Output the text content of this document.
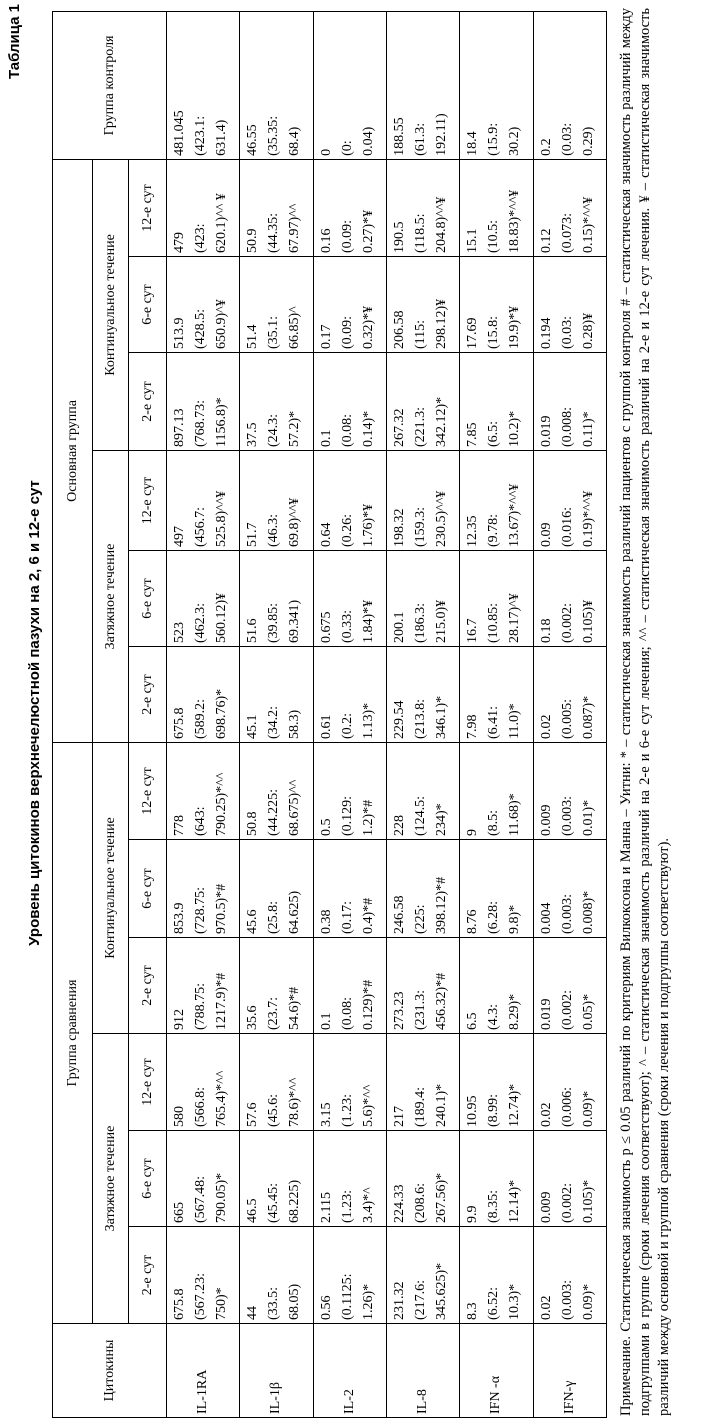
Таблица 1
Уровень цитокинов верхнечелюстной пазухи на 2, 6 и 12-е сут
Цитокины	Группа сравнения						Основная группа						Группа контроля
	Затяжное течение			Континуальное течение			Затяжное течение			Континуальное течение			
	2-е сут	6-е сут	12-е сут	2-е сут	6-е сут	12-е сут	2-е сут	6-е сут	12-е сут	2-е сут	6-е сут	12-е сут	
IL-1RA	675.8 (567.23: 750)*	665 (567.48: 790.05)*	580 (566.8: 765.4)*^^	912 (788.75: 1217.9)*#	853.9 (728.75: 970.5)*#	778 (643: 790.25)*^^	675.8 (589.2: 698.76)*	523 (462.3: 560.12)¥	497 (456.7: 525.8)^^¥	897.13 (768.73: 1156.8)*	513.9 (428.5: 650.9)^¥	479 (423: 620.1)^^ ¥	481.045 (423.1: 631.4)

IL-1β	44 (33.5: 68.05)	46.5 (45.45: 68.225)	57.6 (45.6: 78.6)*^^	35.6 (23.7: 54.6)*#	45.6 (25.8: 64.625)	50.8 (44.225: 68.675)^^	45.1 (34.2: 58.3)	51.6 (39.85: 69.341)	51.7 (46.3: 69.8)^^¥	37.5 (24.3: 57.2)*	51.4 (35.1: 66.85)^	50.9 (44.35: 67.97)^^	46.55 (35.35: 68.4)

IL-2	0.56 (0.1125: 1.26)*	2.115 (1.23: 3.4)*^	3.15 (1.23: 5.6)*^^	0.1 (0.08: 0.129)*#	0.38 (0.17: 0.4)*#	0.5 (0.129: 1.2)*#	0.61 (0.2: 1.13)*	0.675 (0.33: 1.84)*¥	0.64 (0.26: 1.76)*¥	0.1 (0.08: 0.14)*	0.17 (0.09: 0.32)*¥	0.16 (0.09: 0.27)*¥	0 (0: 0.04)

IL-8	231.32 (217.6: 345.625)*	224.33 (208.6: 267.56)*	217 (189.4: 240.1)*	273.23 (231.3: 456.32)*#	246.58 (225: 398.12)*#	228 (124.5: 234)*	229.54 (213.8: 346.1)*	200.1 (186.3: 215.0)¥	198.32 (159.3: 230.5)^^¥	267.32 (221.3: 342.12)*	206.58 (115: 298.12)¥	190.5 (118.5: 204.8)^^¥	188.55 (61.3: 192.11)

IFN -α	8.3 (6.52: 10.3)*	9.9 (8.35: 12.14)*	10.95 (8.99: 12.74)*	6.5 (4.3: 8.29)*	8.76 (6.28: 9.8)*	9 (8.5: 11.68)*	7.98 (6.41: 11.0)*	16.7 (10.85: 28.17)^¥	12.35 (9.78: 13.67)*^^¥	7.85 (6.5: 10.2)*	17.69 (15.8: 19.9)*¥	15.1 (10.5: 18.83)*^^¥	18.4 (15.9: 30.2)

IFN-γ	0.02 (0.003: 0.09)*	0.009 (0.002: 0.105)*	0.02 (0.006: 0.09)*	0.019 (0.002: 0.05)*	0.004 (0.003: 0.008)*	0.009 (0.003: 0.01)*	0.02 (0.005: 0.087)*	0.18 (0.002: 0.105)¥	0.09 (0.016: 0.19)*^^¥	0.019 (0.008: 0.11)*	0.194 (0.03: 0.28)¥	0.12 (0.073: 0.15)*^^¥	0.2 (0.03: 0.29) Примечание. Статистическая значимость p ≤ 0.05 различий по критериям Вилкоксона и Манна – Уитни: * – статистическая значимость различий пациентов с группой контроля # – статистическая значимость различий между подгруппами в группе (сроки лечения соответствуют); ^ – статистическая значимость различий на 2-е и 6-е сут лечения; ^^ – статистическая значимость различий на 2-е и 12-е сут лечения. ¥ – статистическая значимость различий между основной и группой сравнения (сроки лечения и подгруппы соответствуют).
